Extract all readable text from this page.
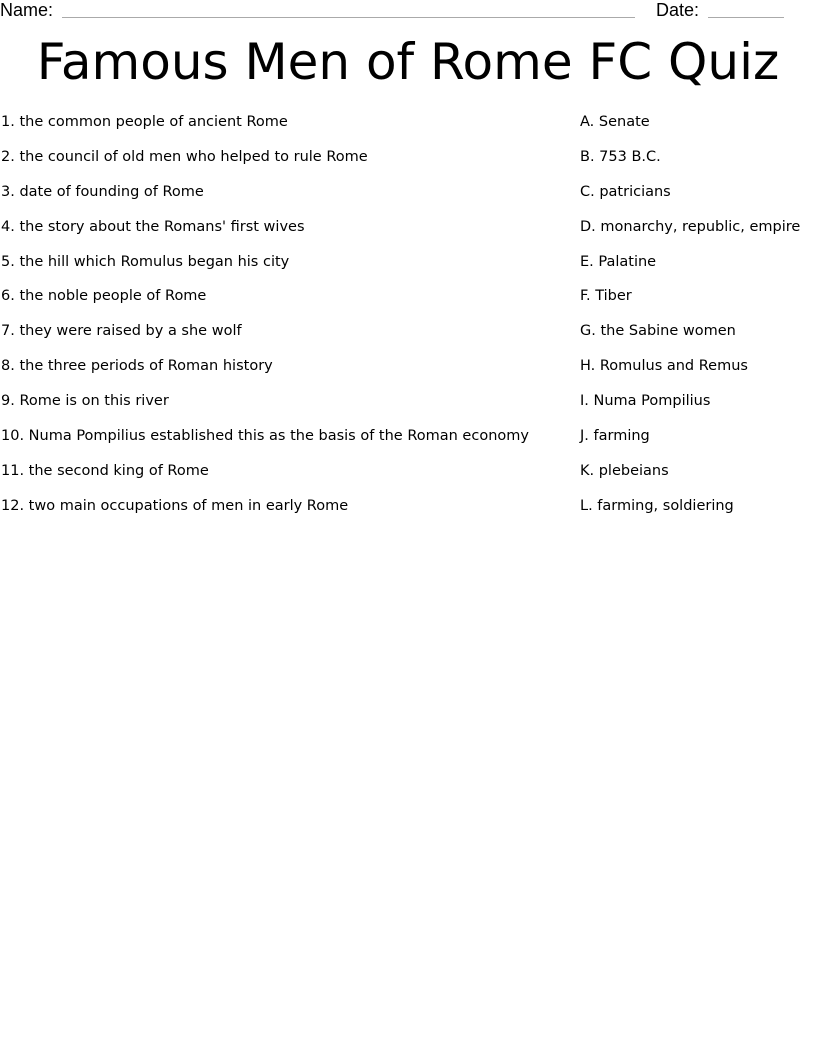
Name:	Date:
Famous Men of Rome FC Quiz
1. the common people of ancient Rome
2. the council of old men who helped to rule Rome
3. date of founding of Rome
4. the story about the Romans' first wives
5. the hill which Romulus began his city
6. the noble people of Rome
7. they were raised by a she wolf
8. the three periods of Roman history
9. Rome is on this river
10. Numa Pompilius established this as the basis of the Roman economy
11. the second king of Rome
12. two main occupations of men in early Rome
A. Senate
B. 753 B.C.
C. patricians
D. monarchy, republic, empire
E. Palatine
F. Tiber
G. the Sabine women
H. Romulus and Remus
I. Numa Pompilius
J. farming
K. plebeians
L. farming, soldiering
